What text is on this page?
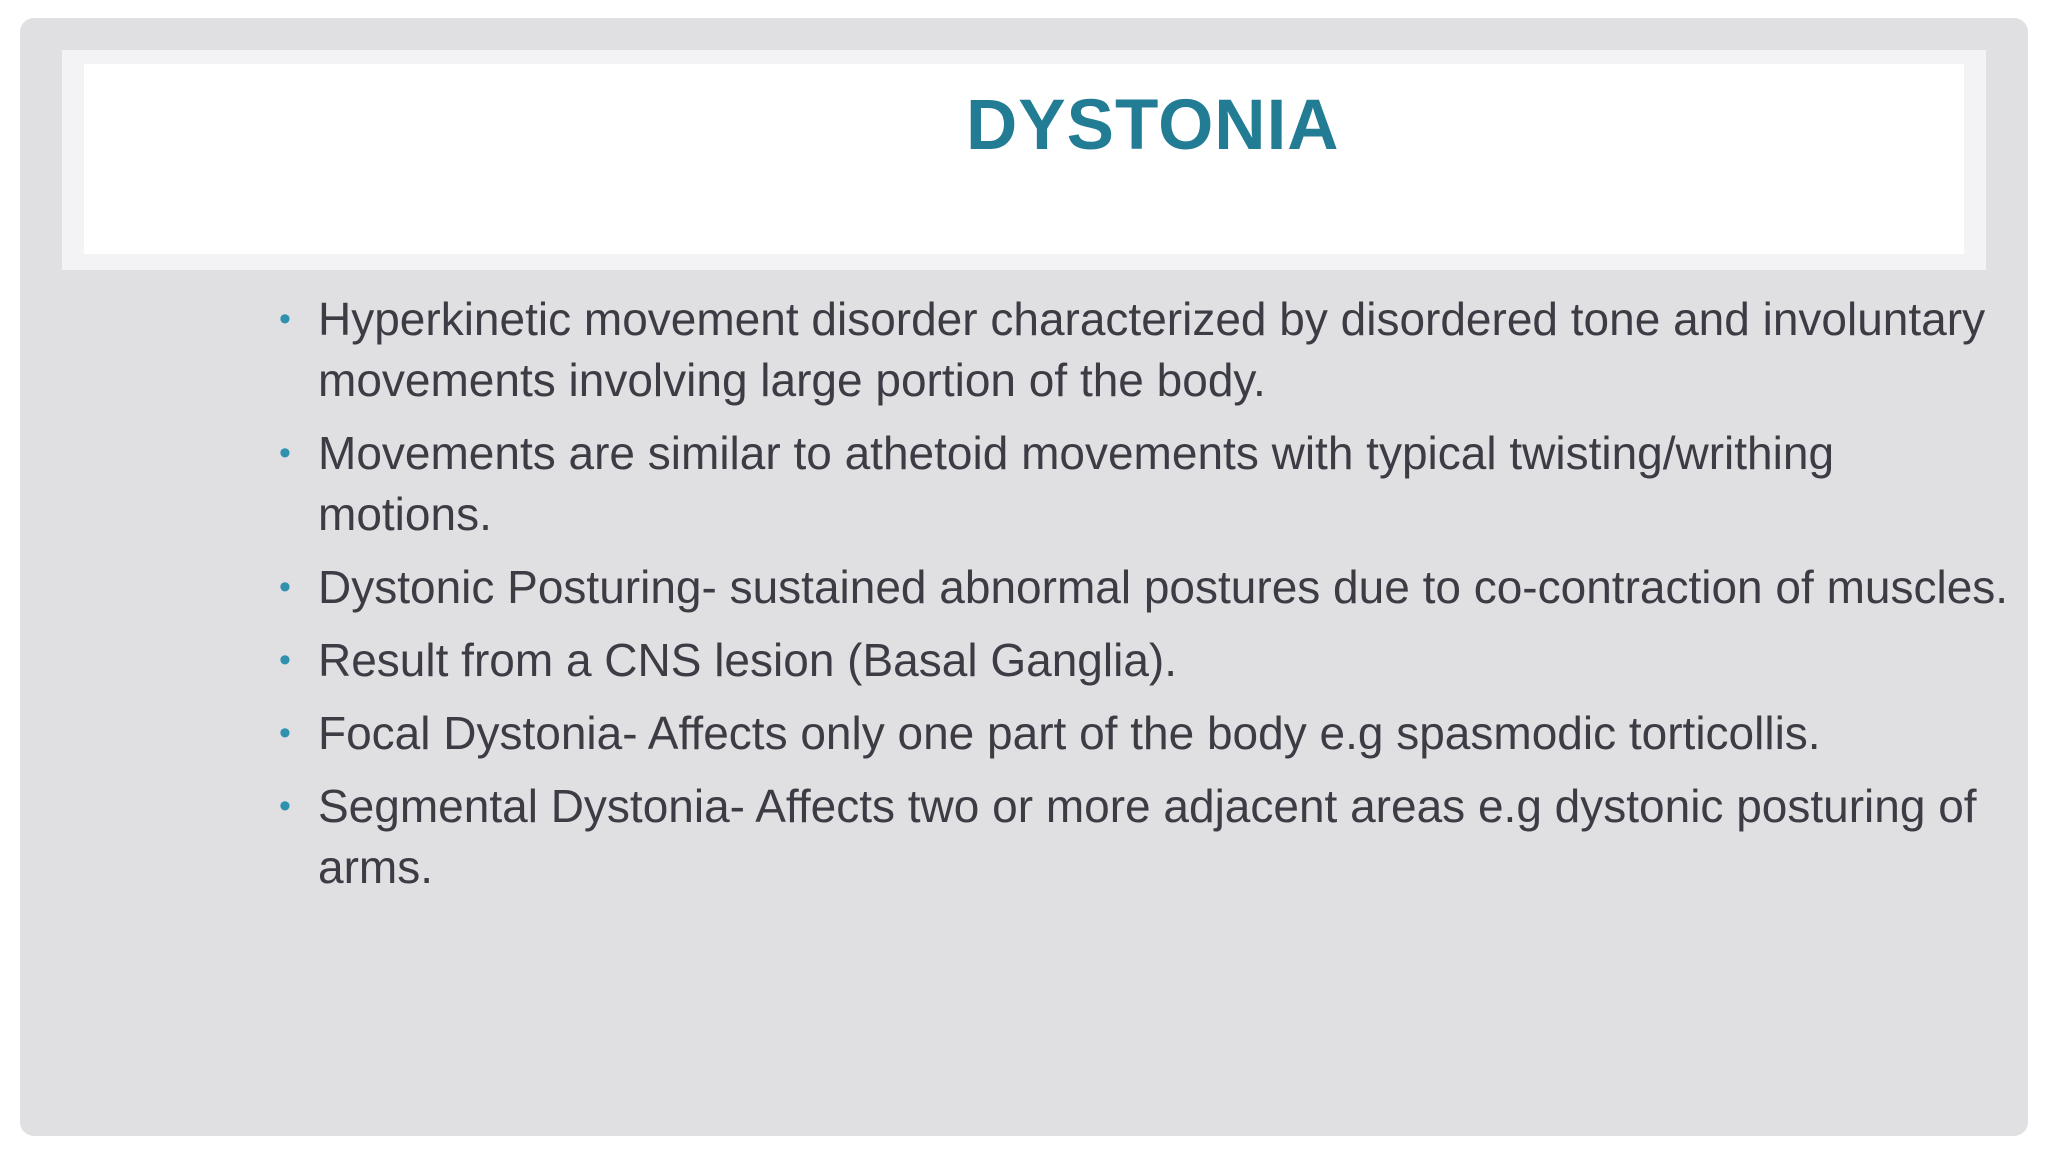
DYSTONIA
• Hyperkinetic movement disorder characterized by disordered tone and involuntary movements involving large portion of the body.
• Movements are similar to athetoid movements with typical twisting/writhing motions.
• Dystonic Posturing- sustained abnormal postures due to co-contraction of muscles.
• Result from a CNS lesion (Basal Ganglia).
• Focal Dystonia- Affects only one part of the body e.g spasmodic torticollis.
• Segmental Dystonia- Affects two or more adjacent areas e.g dystonic posturing of arms.
